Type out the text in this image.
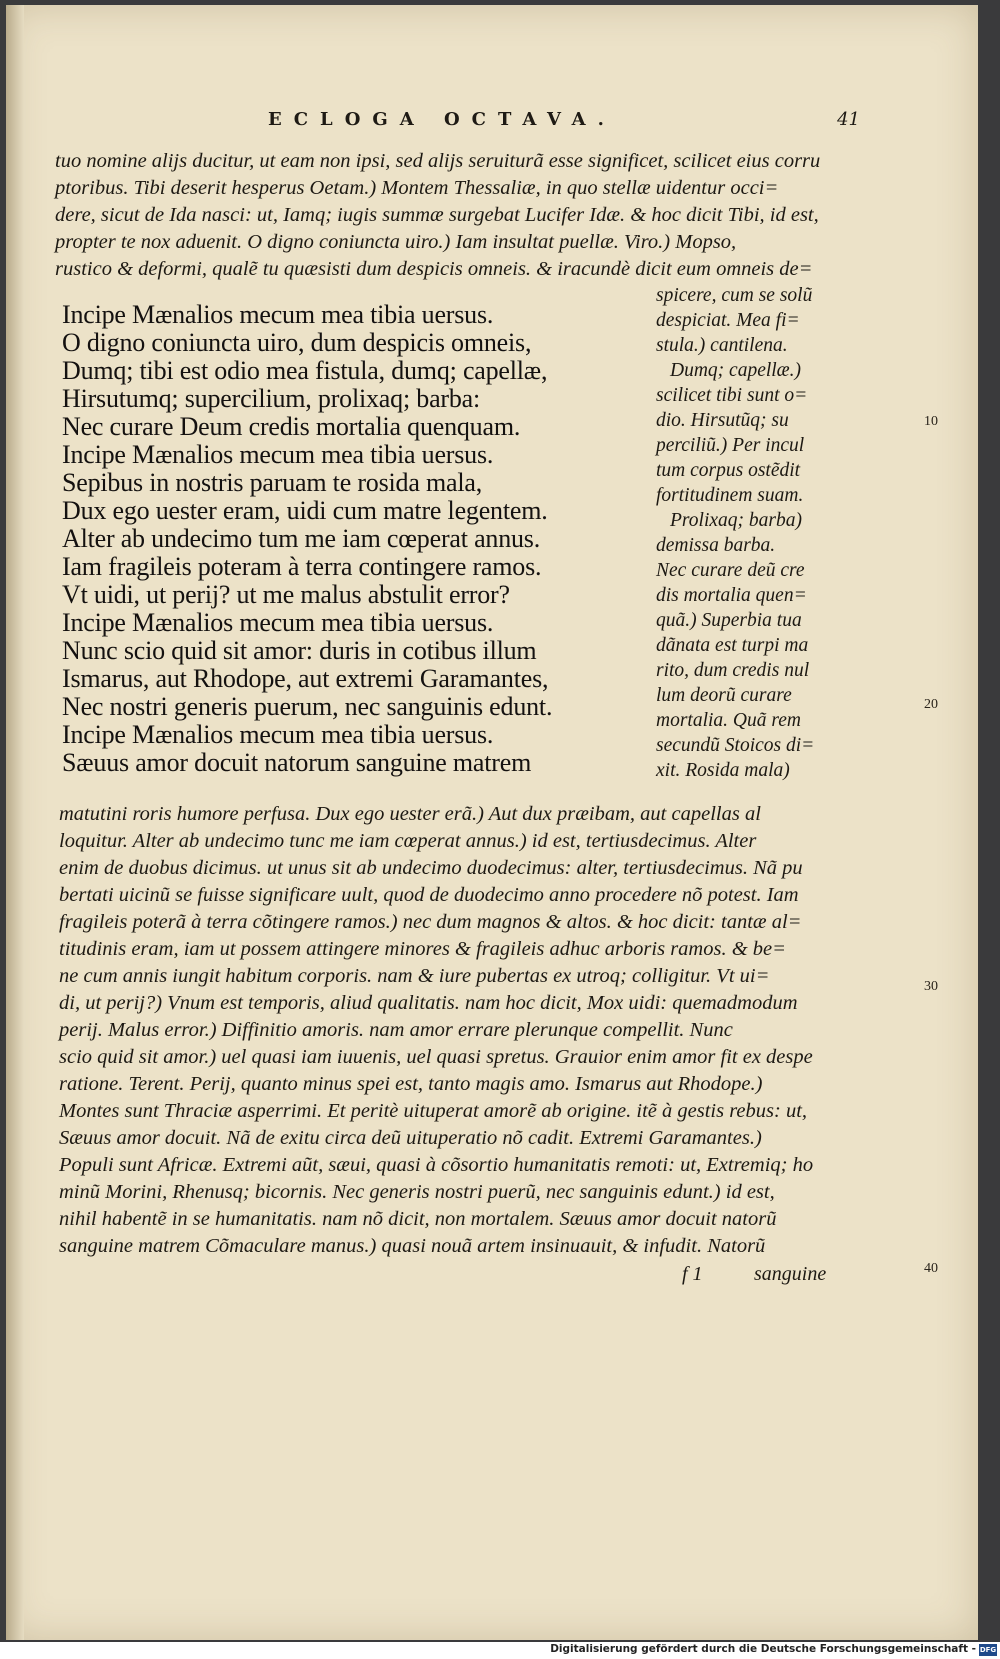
ECLOGA OCTAVA.	41

tuo nomine alijs ducitur, ut eam non ipsi, sed alijs seruiturã esse significet, scilicet eius corru

ptoribus. Tibi deserit hesperus Oetam.) Montem Thessaliæ, in quo stellæ uidentur occi=

dere, sicut de Ida nasci: ut, Iamq; iugis summæ surgebat Lucifer Idæ. & hoc dicit Tibi, id est,

propter te nox aduenit. O digno coniuncta uiro.) Iam insultat puellæ. Viro.) Mopso,

rustico & deformi, qualẽ tu quæsisti dum despicis omneis. & iracundè dicit eum omneis de=

Incipe Mænalios mecum mea tibia uersus.

O digno coniuncta uiro, dum despicis omneis,

Dumq; tibi est odio mea fistula, dumq; capellæ,

Hirsutumq; supercilium, prolixaq; barba:

Nec curare Deum credis mortalia quenquam.

Incipe Mænalios mecum mea tibia uersus.

Sepibus in nostris paruam te rosida mala,

Dux ego uester eram, uidi cum matre legentem.

Alter ab undecimo tum me iam cœperat annus.

Iam fragileis poteram à terra contingere ramos.

Vt uidi, ut perij? ut me malus abstulit error?

Incipe Mænalios mecum mea tibia uersus.

Nunc scio quid sit amor: duris in cotibus illum

Ismarus, aut Rhodope, aut extremi Garamantes,

Nec nostri generis puerum, nec sanguinis edunt.

Incipe Mænalios mecum mea tibia uersus.

Sæuus amor docuit natorum sanguine matrem

spicere, cum se solũ

despiciat. Mea fi=

stula.) cantilena.

Dumq; capellæ.)

scilicet tibi sunt o=

dio. Hirsutũq; su

perciliũ.) Per incul

tum corpus ostẽdit

fortitudinem suam.

Prolixaq; barba)

demissa barba.

Nec curare deũ cre

dis mortalia quen=

quã.) Superbia tua

dãnata est turpi ma

rito, dum credis nul

lum deorũ curare

mortalia. Quã rem

secundũ Stoicos di=

xit. Rosida mala)

matutini roris humore perfusa. Dux ego uester erã.) Aut dux præibam, aut capellas al

loquitur. Alter ab undecimo tunc me iam cœperat annus.) id est, tertiusdecimus. Alter

enim de duobus dicimus. ut unus sit ab undecimo duodecimus: alter, tertiusdecimus. Nã pu

bertati uicinũ se fuisse significare uult, quod de duodecimo anno procedere nõ potest. Iam

fragileis poterã à terra cõtingere ramos.) nec dum magnos & altos. & hoc dicit: tantæ al=

titudinis eram, iam ut possem attingere minores & fragileis adhuc arboris ramos. & be=

ne cum annis iungit habitum corporis. nam & iure pubertas ex utroq; colligitur. Vt ui=

di, ut perij?) Vnum est temporis, aliud qualitatis. nam hoc dicit, Mox uidi: quemadmodum

perij. Malus error.) Diffinitio amoris. nam amor errare plerunque compellit. Nunc

scio quid sit amor.) uel quasi iam iuuenis, uel quasi spretus. Grauior enim amor fit ex despe

ratione. Terent. Perij, quanto minus spei est, tanto magis amo. Ismarus aut Rhodope.)

Montes sunt Thraciæ asperrimi. Et peritè uituperat amorẽ ab origine. itẽ à gestis rebus: ut,

Sæuus amor docuit. Nã de exitu circa deũ uituperatio nõ cadit. Extremi Garamantes.)

Populi sunt Africæ. Extremi aũt, sæui, quasi à cõsortio humanitatis remoti: ut, Extremiq; ho

minũ Morini, Rhenusq; bicornis. Nec generis nostri puerũ, nec sanguinis edunt.) id est,

nihil habentẽ in se humanitatis. nam nõ dicit, non mortalem. Sæuus amor docuit natorũ

sanguine matrem Cõmaculare manus.) quasi nouã artem insinuauit, & infudit. Natorũ

10

20

30

40

f 1	sanguine

Digitalisierung gefördert durch die Deutsche Forschungsgemeinschaft - DFG
